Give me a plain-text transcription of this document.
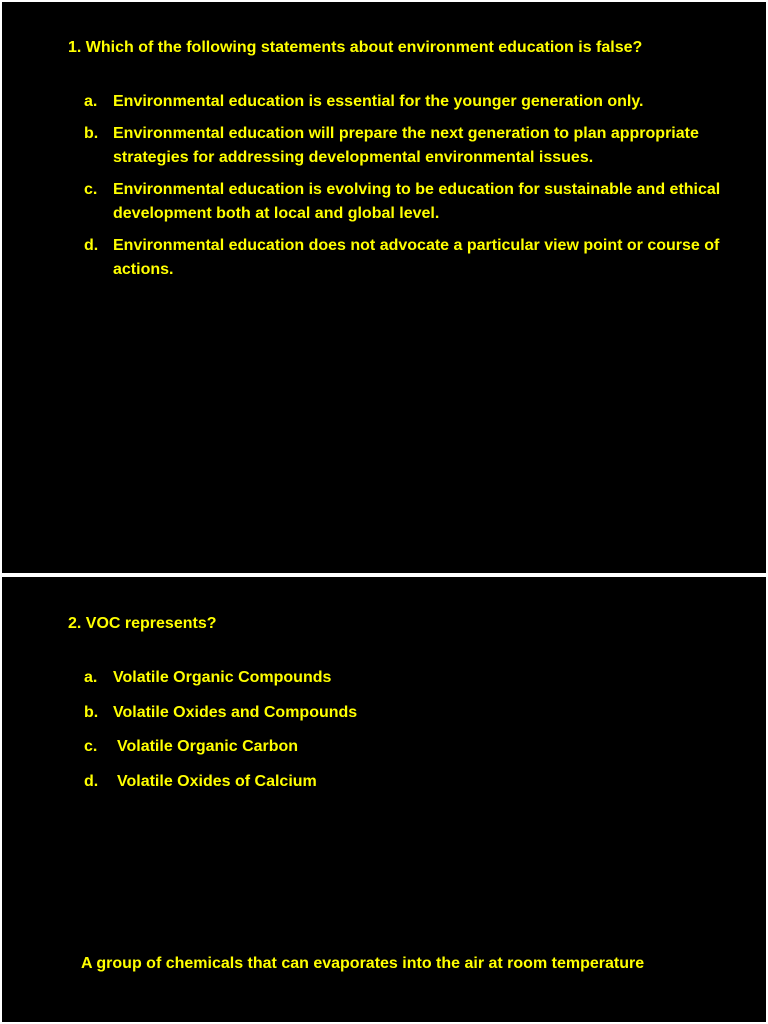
1. Which of the following statements about environment education is false?
a. Environmental education is essential for the younger generation only.
b. Environmental education will prepare the next generation to plan appropriate strategies for addressing developmental environmental issues.
c. Environmental education is evolving to be education for sustainable and ethical development both at local and global level.
d. Environmental education does not advocate a particular view point or course of actions.
2. VOC represents?
a. Volatile Organic Compounds
b. Volatile Oxides and Compounds
c.	Volatile Organic Carbon
d.	Volatile Oxides of Calcium
A group of chemicals that can evaporates into the air at room temperature
